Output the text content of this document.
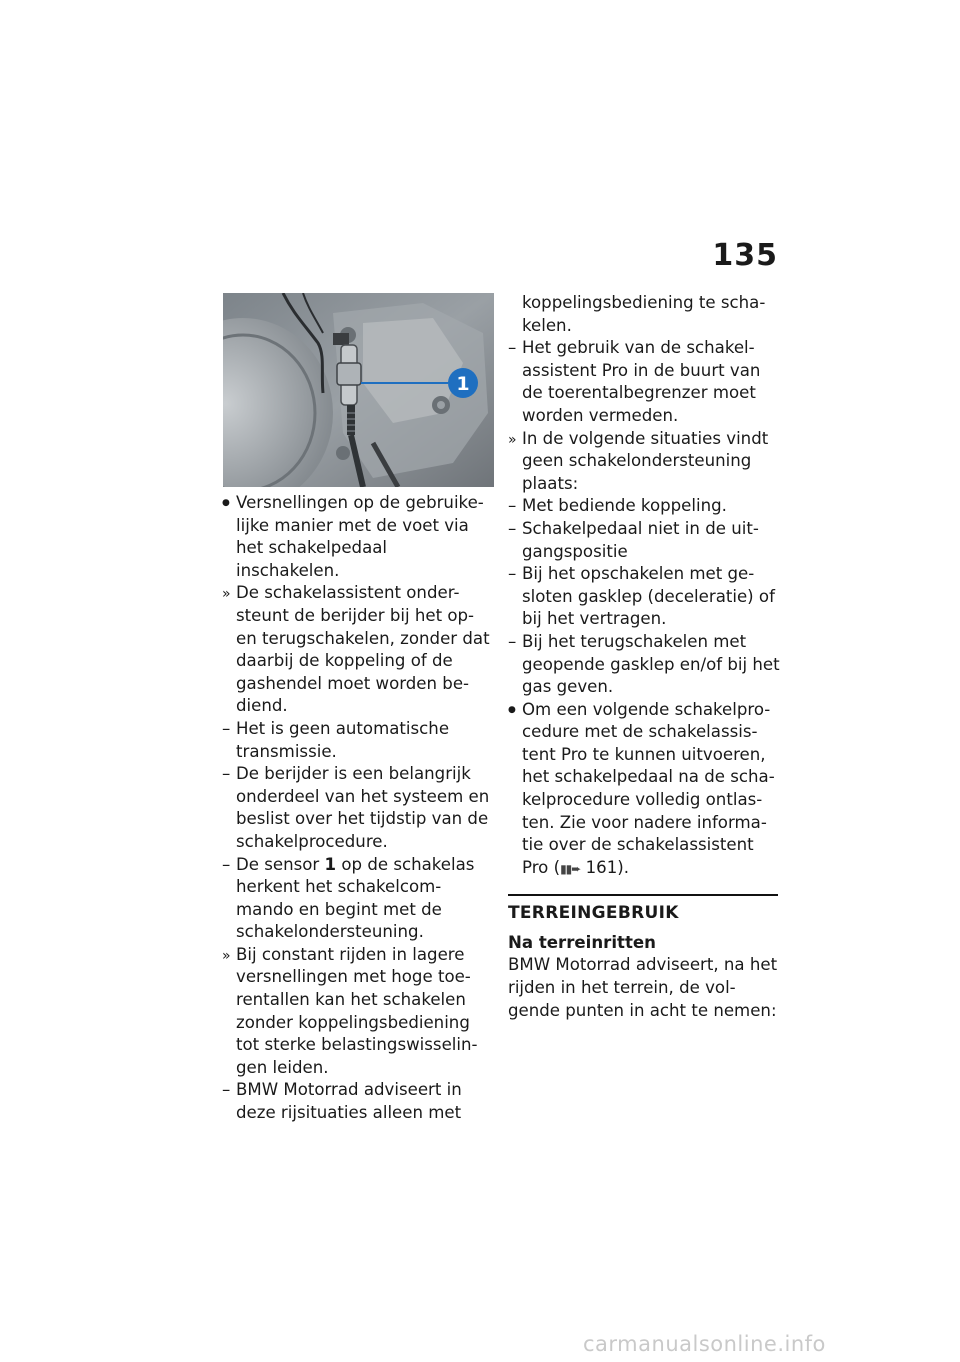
135
1
●
Versnellingen op de gebruike-lijke manier met de voet via het schakelpedaal inschakelen.
»
De schakelassistent onder-steunt de berijder bij het op-en terugschakelen, zonder dat daarbij de koppeling of de gashendel moet worden be-diend.
–
Het is geen automatische transmissie.
–
De berijder is een belangrijk onderdeel van het systeem en beslist over het tijdstip van de schakelprocedure.
–
De sensor 1 op de schakelas herkent het schakelcom-mando en begint met de schakelondersteuning.
»
Bij constant rijden in lagere versnellingen met hoge toe-rentallen kan het schakelen zonder koppelingsbediening tot sterke belastingswisselin-gen leiden.
–
BMW Motorrad adviseert in deze rijsituaties alleen met
koppelingsbediening te scha-kelen.
–
Het gebruik van de schakel-assistent Pro in de buurt van de toerentalbegrenzer moet worden vermeden.
»
In de volgende situaties vindt geen schakelondersteuning plaats:
–
Met bediende koppeling.
–
Schakelpedaal niet in de uit-gangspositie
–
Bij het opschakelen met ge-sloten gasklep (deceleratie) of bij het vertragen.
–
Bij het terugschakelen met geopende gasklep en/of bij het gas geven.
●
Om een volgende schakelpro-cedure met de schakelassis-tent Pro te kunnen uitvoeren, het schakelpedaal na de scha-kelprocedure volledig ontlas-ten. Zie voor nadere informa-tie over de schakelassistent Pro (▮▮➨ 161).
TERREINGEBRUIK
Na terreinritten
BMW Motorrad adviseert, na het rijden in het terrein, de vol-gende punten in acht te nemen:
carmanualsonline.info
